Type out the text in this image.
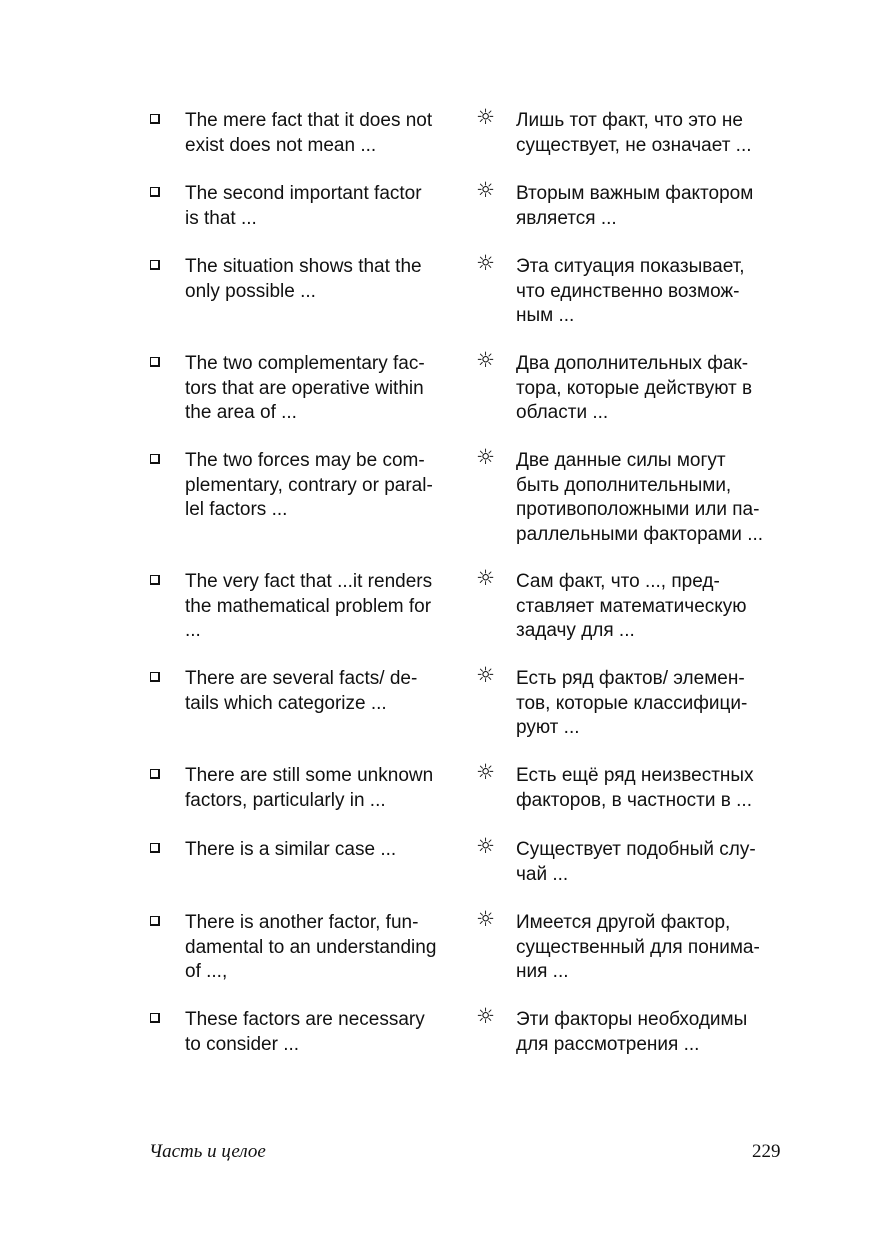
The mere fact that it does not
exist does not mean ...
☼ Лишь тот факт, что это не
существует, не означает ...
The second important factor
is that ...
☼ Вторым важным фактором
является ...
The situation shows that the
only possible ...
☼ Эта ситуация показывает,
что единственно возмож-
ным ...
The two complementary fac-
tors that are operative within
the area of ...
☼ Два дополнительных фак-
тора, которые действуют в
области ...
The two forces may be com-
plementary, contrary or paral-
lel factors ...
☼ Две данные силы могут
быть дополнительными,
противоположными или па-
раллельными факторами ...
The very fact that ...it renders
the mathematical problem for
...
☼ Сам факт, что ..., пред-
ставляет математическую
задачу для ...
There are several facts/ de-
tails which categorize ...
☼ Есть ряд фактов/ элемен-
тов, которые классифици-
руют ...
There are still some unknown
factors, particularly in ...
☼ Есть ещё ряд неизвестных
факторов, в частности в ...
There is a similar case ...	☼ Существует подобный слу-
чай ...
There is another factor, fun-
damental to an understanding
of ...,
☼ Имеется другой фактор,
существенный для понима-
ния ...
These factors are necessary
to consider ...
☼ Эти факторы необходимы
для рассмотрения ...
Часть и целое	229
